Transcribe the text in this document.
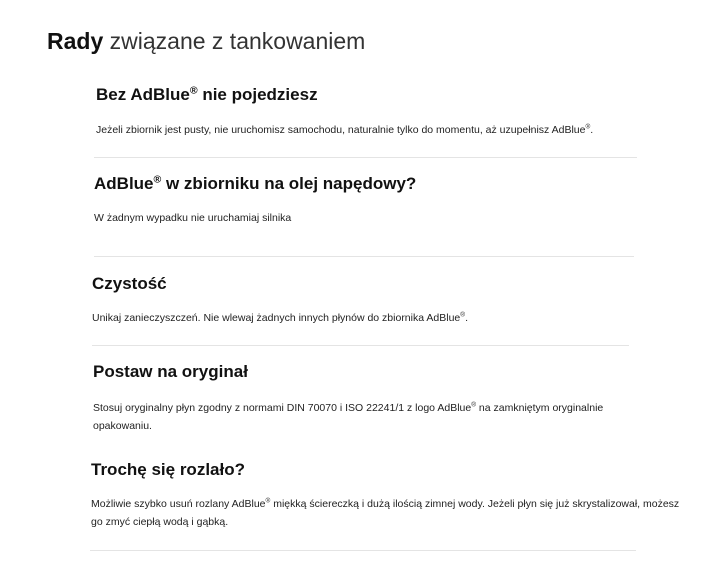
Rady związane z tankowaniem
Bez AdBlue® nie pojedziesz

Jeżeli zbiornik jest pusty, nie uruchomisz samochodu, naturalnie tylko do momentu, aż uzupełnisz AdBlue®.

AdBlue® w zbiorniku na olej napędowy?

W żadnym wypadku nie uruchamiaj silnika

Czystość

Unikaj zanieczyszczeń. Nie wlewaj żadnych innych płynów do zbiornika AdBlue®.

Postaw na oryginał

Stosuj oryginalny płyn zgodny z normami DIN 70070 i ISO 22241/1 z logo AdBlue® na zamkniętym oryginalnie opakowaniu.

Trochę się rozlało?

Możliwie szybko usuń rozlany AdBlue® miękką ściereczką i dużą ilością zimnej wody. Jeżeli płyn się już skrystalizował, możesz go zmyć ciepłą wodą i gąbką.
